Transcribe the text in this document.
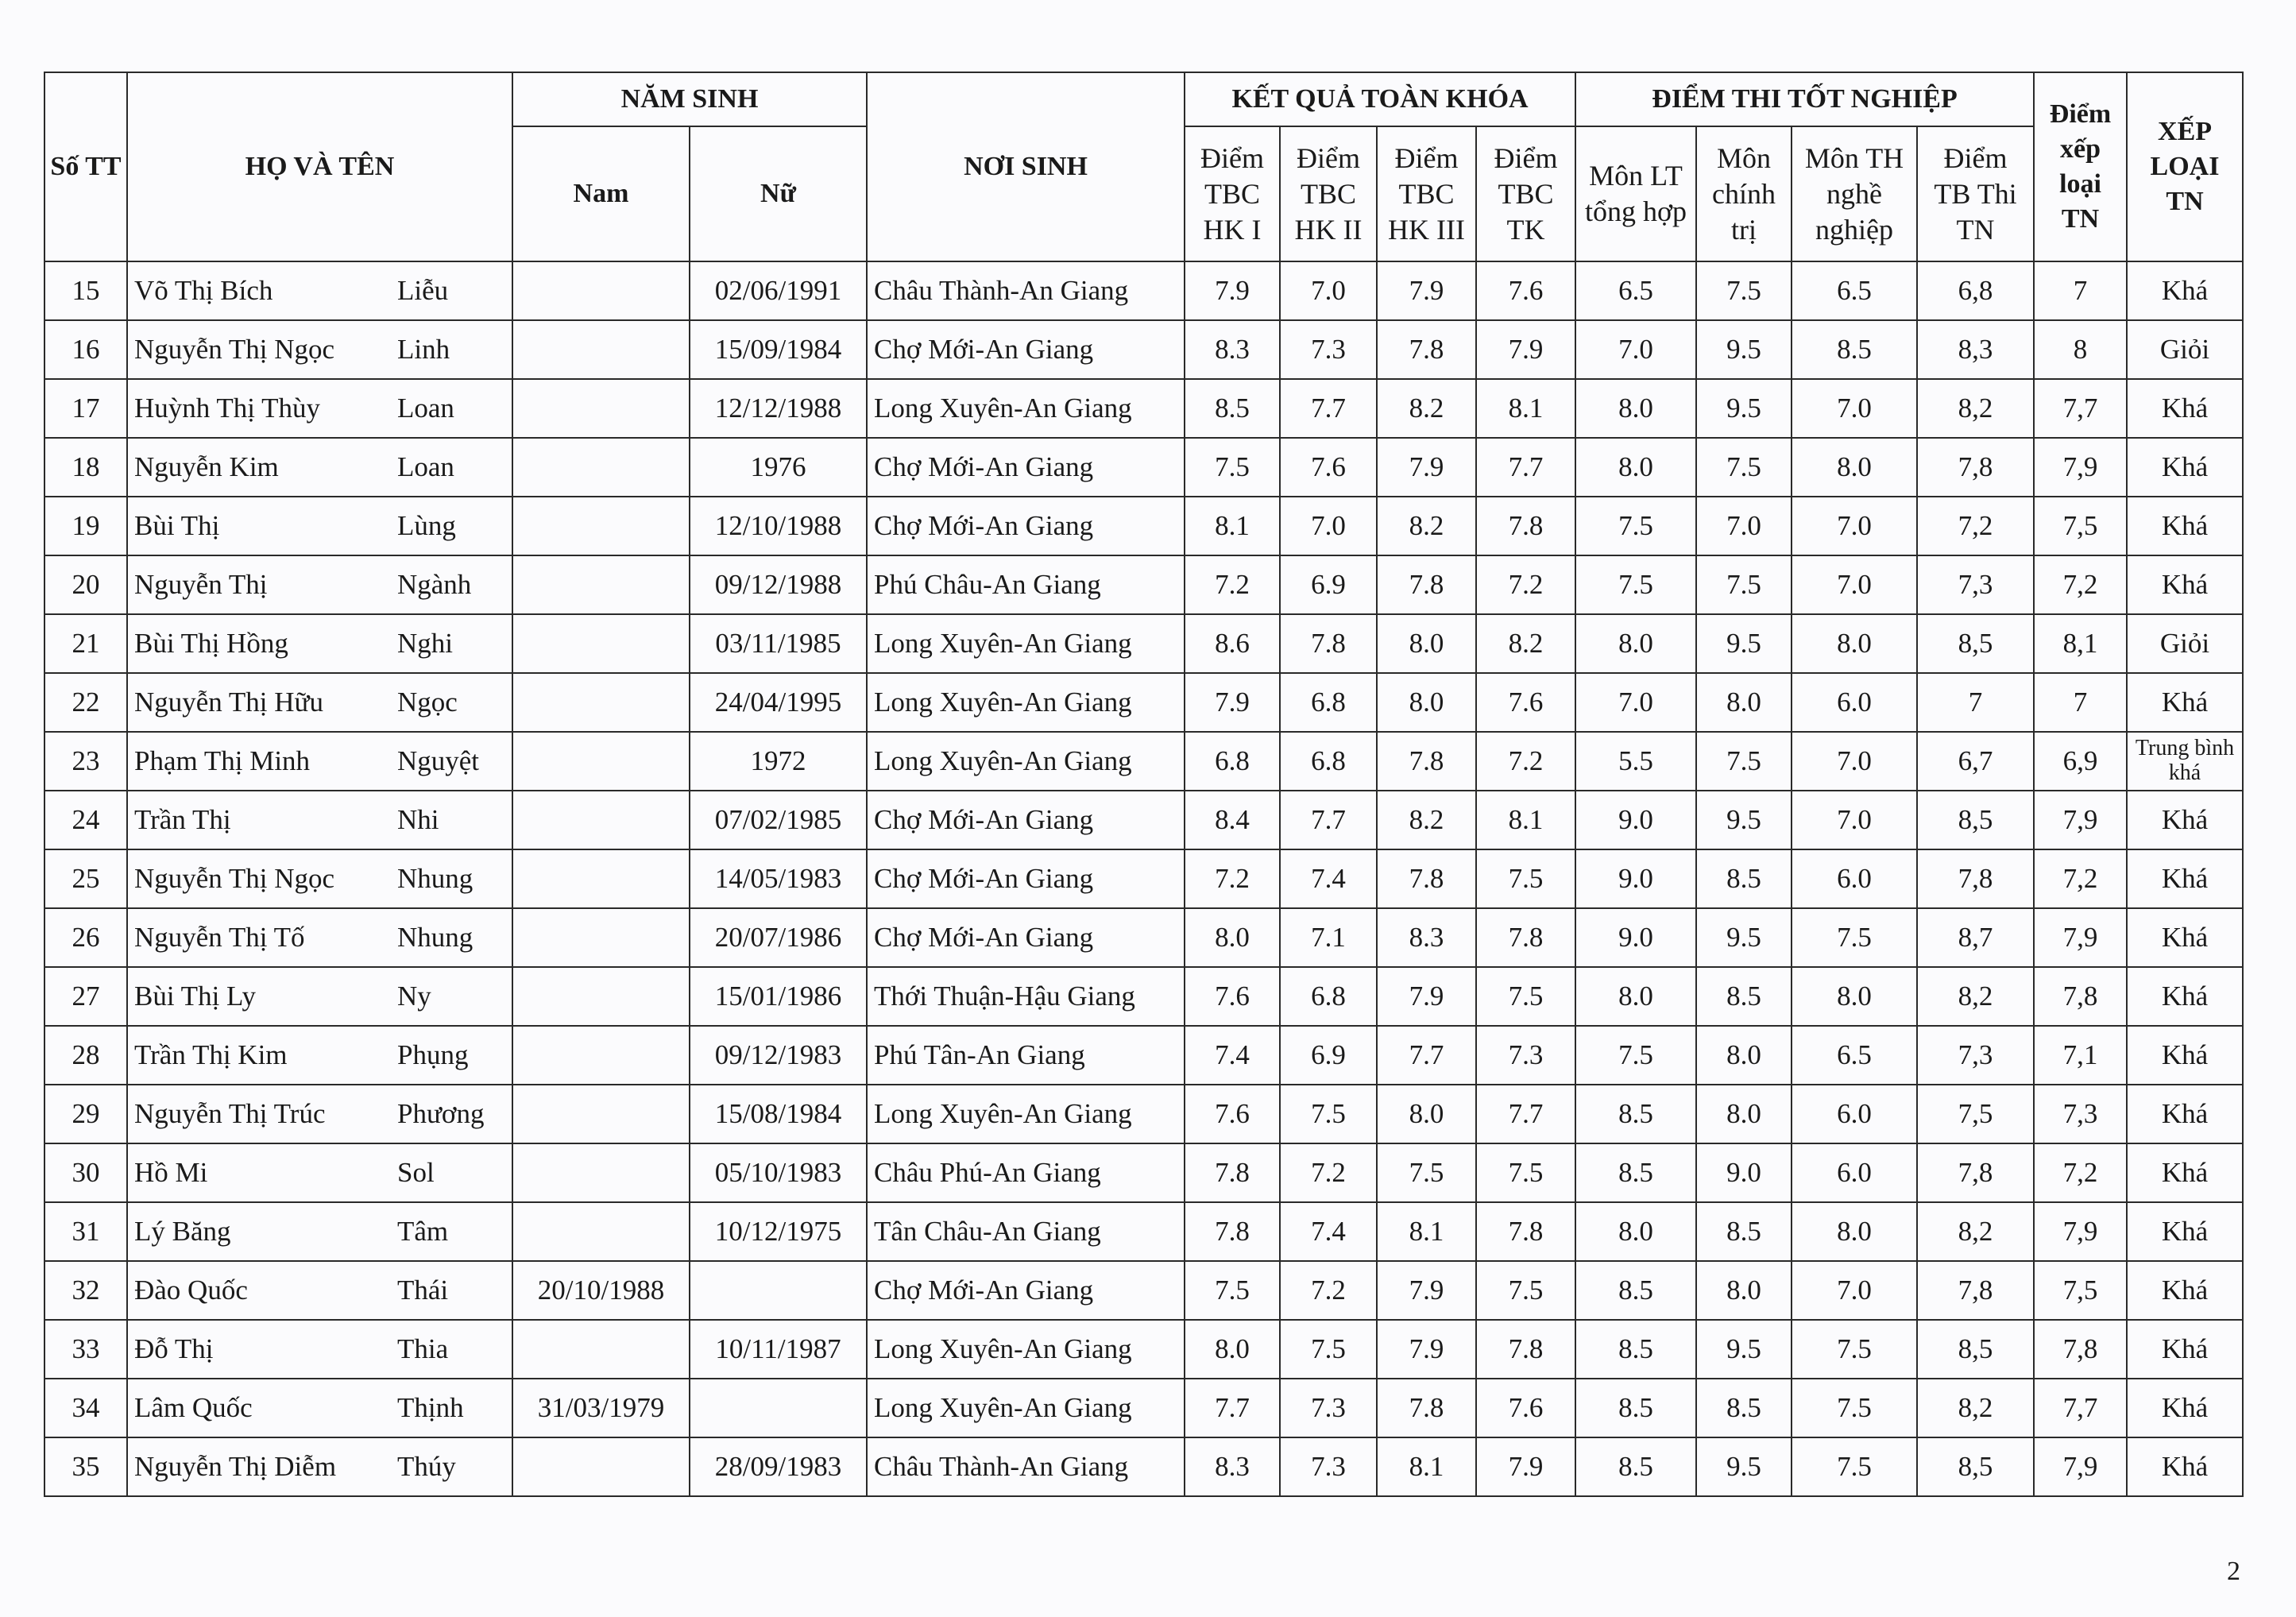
Số TT	HỌ VÀ TÊN		NĂM SINH		NƠI SINH	KẾT QUẢ TOÀN KHÓA				ĐIỂM THI TỐT NGHIỆP				Điểm xếp loại TN	XẾP LOẠI TN
			Nam	Nữ		Điểm TBC HK I	Điểm TBC HK II	Điểm TBC HK III	Điểm TBC TK	Môn LT tổng hợp	Môn chính trị	Môn TH nghề nghiệp	Điểm TB Thi TN		
15	Võ Thị Bích	Liễu		02/06/1991	Châu Thành-An Giang	7.9	7.0	7.9	7.6	6.5	7.5	6.5	6,8	7	Khá
16	Nguyễn Thị Ngọc	Linh		15/09/1984	Chợ Mới-An Giang	8.3	7.3	7.8	7.9	7.0	9.5	8.5	8,3	8	Giỏi
17	Huỳnh Thị Thùy	Loan		12/12/1988	Long Xuyên-An Giang	8.5	7.7	8.2	8.1	8.0	9.5	7.0	8,2	7,7	Khá
18	Nguyễn Kim	Loan		1976	Chợ Mới-An Giang	7.5	7.6	7.9	7.7	8.0	7.5	8.0	7,8	7,9	Khá
19	Bùi Thị	Lùng		12/10/1988	Chợ Mới-An Giang	8.1	7.0	8.2	7.8	7.5	7.0	7.0	7,2	7,5	Khá
20	Nguyễn Thị	Ngành		09/12/1988	Phú Châu-An Giang	7.2	6.9	7.8	7.2	7.5	7.5	7.0	7,3	7,2	Khá
21	Bùi Thị Hồng	Nghi		03/11/1985	Long Xuyên-An Giang	8.6	7.8	8.0	8.2	8.0	9.5	8.0	8,5	8,1	Giỏi
22	Nguyễn Thị Hữu	Ngọc		24/04/1995	Long Xuyên-An Giang	7.9	6.8	8.0	7.6	7.0	8.0	6.0	7	7	Khá
23	Phạm Thị Minh	Nguyệt		1972	Long Xuyên-An Giang	6.8	6.8	7.8	7.2	5.5	7.5	7.0	6,7	6,9	Trung bình khá
24	Trần Thị	Nhi		07/02/1985	Chợ Mới-An Giang	8.4	7.7	8.2	8.1	9.0	9.5	7.0	8,5	7,9	Khá
25	Nguyễn Thị Ngọc	Nhung		14/05/1983	Chợ Mới-An Giang	7.2	7.4	7.8	7.5	9.0	8.5	6.0	7,8	7,2	Khá
26	Nguyễn Thị Tố	Nhung		20/07/1986	Chợ Mới-An Giang	8.0	7.1	8.3	7.8	9.0	9.5	7.5	8,7	7,9	Khá
27	Bùi Thị Ly	Ny		15/01/1986	Thới Thuận-Hậu Giang	7.6	6.8	7.9	7.5	8.0	8.5	8.0	8,2	7,8	Khá
28	Trần Thị Kim	Phụng		09/12/1983	Phú Tân-An Giang	7.4	6.9	7.7	7.3	7.5	8.0	6.5	7,3	7,1	Khá
29	Nguyễn Thị Trúc	Phương		15/08/1984	Long Xuyên-An Giang	7.6	7.5	8.0	7.7	8.5	8.0	6.0	7,5	7,3	Khá
30	Hồ Mi	Sol		05/10/1983	Châu Phú-An Giang	7.8	7.2	7.5	7.5	8.5	9.0	6.0	7,8	7,2	Khá
31	Lý Băng	Tâm		10/12/1975	Tân Châu-An Giang	7.8	7.4	8.1	7.8	8.0	8.5	8.0	8,2	7,9	Khá
32	Đào Quốc	Thái	20/10/1988		Chợ Mới-An Giang	7.5	7.2	7.9	7.5	8.5	8.0	7.0	7,8	7,5	Khá
33	Đỗ Thị	Thia		10/11/1987	Long Xuyên-An Giang	8.0	7.5	7.9	7.8	8.5	9.5	7.5	8,5	7,8	Khá
34	Lâm Quốc	Thịnh	31/03/1979		Long Xuyên-An Giang	7.7	7.3	7.8	7.6	8.5	8.5	7.5	8,2	7,7	Khá
35	Nguyễn Thị Diễm	Thúy		28/09/1983	Châu Thành-An Giang	8.3	7.3	8.1	7.9	8.5	9.5	7.5	8,5	7,9	Khá
2
